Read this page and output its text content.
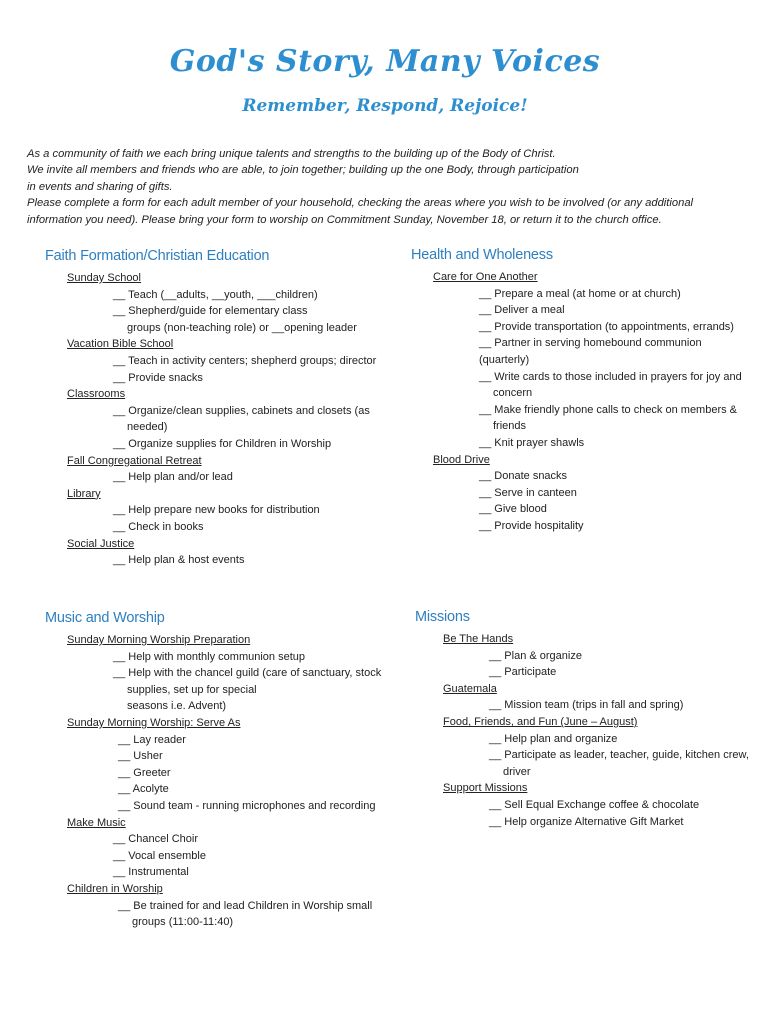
God's Story, Many Voices
Remember, Respond, Rejoice!

As a community of faith we each bring unique talents and strengths to the building up of the Body of Christ.

We invite all members and friends who are able, to join together; building up the one Body, through participation

in events and sharing of gifts.

Please complete a form for each adult member of your household, checking the areas where you wish to be involved (or any additional

information you need). Please bring your form to worship on Commitment Sunday, November 18, or return it to the church office.

Faith Formation/Christian Education
Sunday School
__ Teach (__adults, __youth, ___children)
__ Shepherd/guide for elementary class
groups (non-teaching role) or __opening leader
Vacation Bible School
__ Teach in activity centers; shepherd groups; director
__ Provide snacks
Classrooms
__ Organize/clean supplies, cabinets and closets (as
needed)
__ Organize supplies for Children in Worship
Fall Congregational Retreat
__ Help plan and/or lead
Library
__ Help prepare new books for distribution
__ Check in books
Social Justice
__ Help plan & host events
Health and Wholeness
Care for One Another
__ Prepare a meal (at home or at church)
__ Deliver a meal
__ Provide transportation (to appointments, errands)
__ Partner in serving homebound communion (quarterly)
__ Write cards to those included in prayers for joy and
concern
__ Make friendly phone calls to check on members &
friends
__ Knit prayer shawls
Blood Drive
__ Donate snacks
__ Serve in canteen
__ Give blood
__ Provide hospitality
Music and Worship
Sunday Morning Worship Preparation
__ Help with monthly communion setup
__ Help with the chancel guild (care of sanctuary, stock
supplies, set up for special
seasons i.e. Advent)
Sunday Morning Worship: Serve As
__ Lay reader
__ Usher
__ Greeter
__ Acolyte
__ Sound team - running microphones and recording
Make Music
__ Chancel Choir
__ Vocal ensemble
__ Instrumental
Children in Worship
__ Be trained for and lead Children in Worship small
groups (11:00-11:40)
Missions
Be The Hands
__ Plan & organize
__ Participate
Guatemala
__ Mission team (trips in fall and spring)
Food, Friends, and Fun (June – August)
__ Help plan and organize
__ Participate as leader, teacher, guide, kitchen crew,
driver
Support Missions
__ Sell Equal Exchange coffee & chocolate
__ Help organize Alternative Gift Market
